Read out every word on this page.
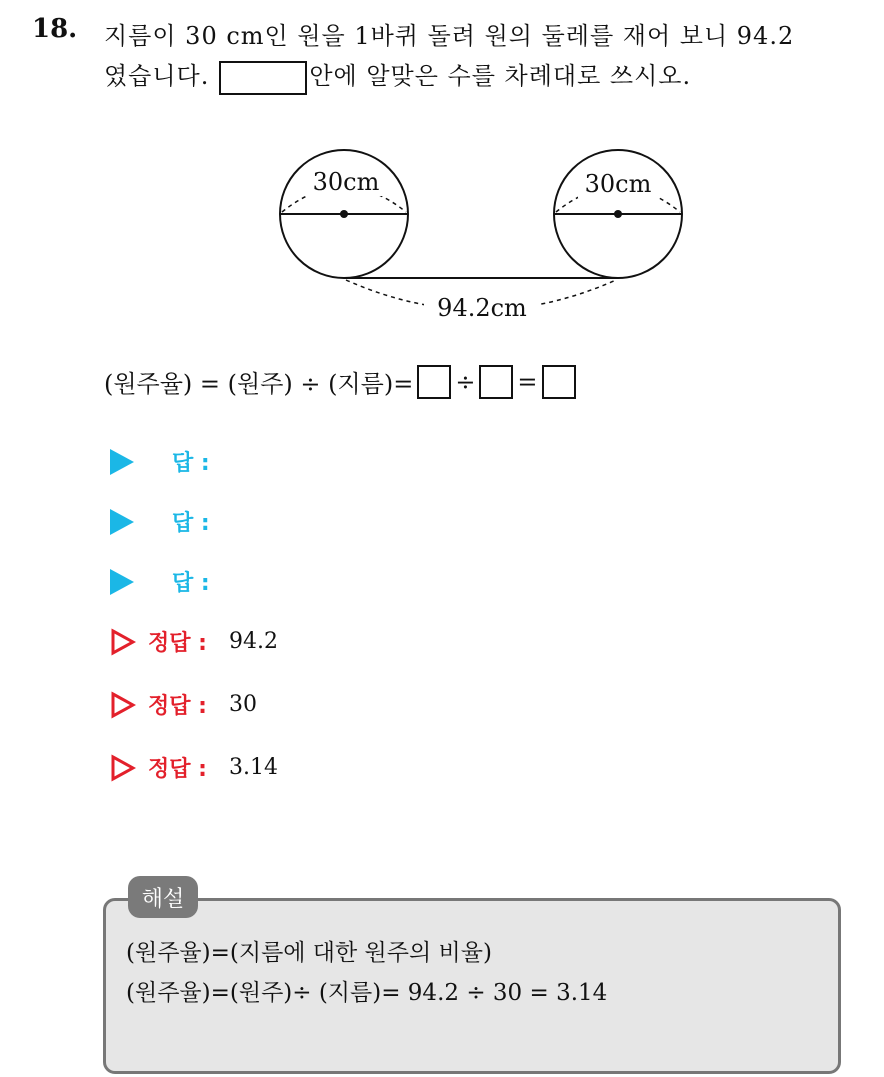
18. 지름이 30 cm인 원을 1바퀴 돌려 원의 둘레를 재어 보니 94.2
였습니다.	안에 알맞은 수를 차례대로 쓰시오.
30cm	30cm
94.2cm
(원주율) = (원주) ÷ (지름)= ÷ =
답 :
답 :
답 :
정답 : 94.2
정답 : 30
정답 : 3.14
해설
(원주율)=(지름에 대한 원주의 비율)
(원주율)=(원주)÷ (지름)= 94.2 ÷ 30 = 3.14
